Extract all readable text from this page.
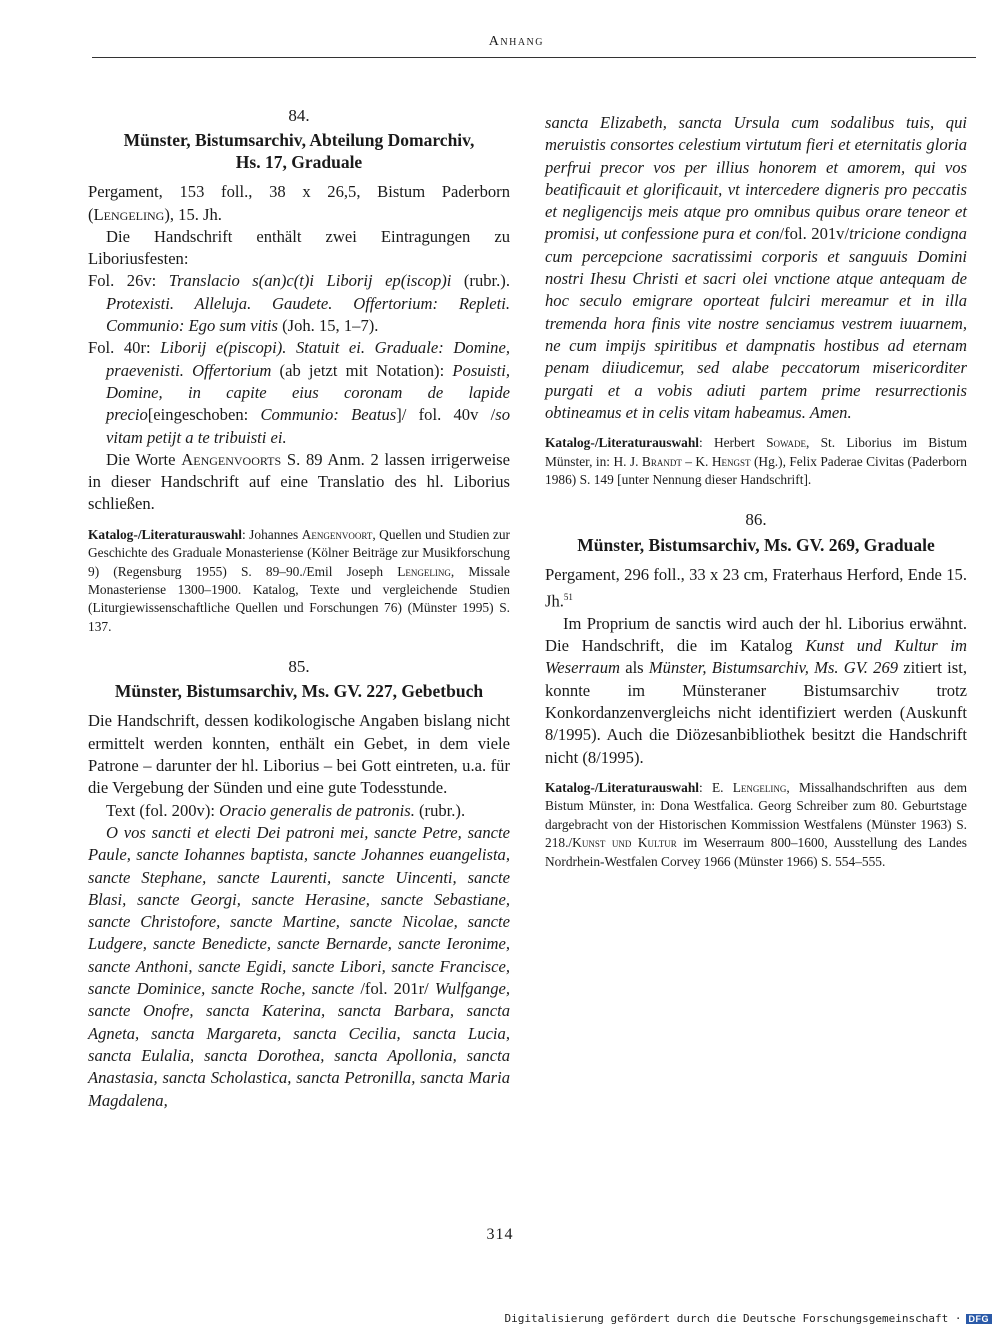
Anhang
84.
Münster, Bistumsarchiv, Abteilung Domarchiv,
Hs. 17, Graduale

Pergament, 153 foll., 38 x 26,5, Bistum Paderborn (Lengeling), 15. Jh.

Die Handschrift enthält zwei Eintragungen zu Liboriusfesten:

Fol. 26v: Translacio s(an)c(t)i Liborij ep(iscop)i (rubr.). Protexisti. Alleluja. Gaudete. Offertorium: Repleti. Communio: Ego sum vitis (Joh. 15, 1–7).

Fol. 40r: Liborij e(piscopi). Statuit ei. Graduale: Domine, praevenisti. Offertorium (ab jetzt mit Notation): Posuisti, Domine, in capite eius coronam de lapide precio[eingeschoben: Communio: Beatus]/ fol. 40v /so vitam petijt a te tribuisti ei.

Die Worte Aengenvoorts S. 89 Anm. 2 lassen irrigerweise in dieser Handschrift auf eine Translatio des hl. Liborius schließen.

Katalog-/Literaturauswahl: Johannes Aengenvoort, Quellen und Studien zur Geschichte des Graduale Monasteriense (Kölner Beiträge zur Musikforschung 9) (Regensburg 1955) S. 89–90./Emil Joseph Lengeling, Missale Monasteriense 1300–1900. Katalog, Texte und vergleichende Studien (Liturgiewissenschaftliche Quellen und Forschungen 76) (Münster 1995) S. 137.

85.
Münster, Bistumsarchiv, Ms. GV. 227, Gebetbuch

Die Handschrift, dessen kodikologische Angaben bislang nicht ermittelt werden konnten, enthält ein Gebet, in dem viele Patrone – darunter der hl. Liborius – bei Gott eintreten, u.a. für die Vergebung der Sünden und eine gute Todesstunde.

Text (fol. 200v): Oracio generalis de patronis. (rubr.).

O vos sancti et electi Dei patroni mei, sancte Petre, sancte Paule, sancte Iohannes baptista, sancte Johannes euangelista, sancte Stephane, sancte Laurenti, sancte Uincenti, sancte Blasi, sancte Georgi, sancte Herasine, sancte Sebastiane, sancte Christofore, sancte Martine, sancte Nicolae, sancte Ludgere, sancte Benedicte, sancte Bernarde, sancte Ieronime, sancte Anthoni, sancte Egidi, sancte Libori, sancte Francisce, sancte Dominice, sancte Roche, sancte /fol. 201r/ Wulfgange, sancte Onofre, sancta Katerina, sancta Barbara, sancta Agneta, sancta Margareta, sancta Cecilia, sancta Lucia, sancta Eulalia, sancta Dorothea, sancta Apollonia, sancta Anastasia, sancta Scholastica, sancta Petronilla, sancta Maria Magdalena,

sancta Elizabeth, sancta Ursula cum sodalibus tuis, qui meruistis consortes celestium virtutum fieri et eternitatis gloria perfrui precor vos per illius honorem et amorem, qui vos beatificauit et glorificauit, vt intercedere digneris pro peccatis et negligencijs meis atque pro omnibus quibus orare teneor et promisi, ut confessione pura et con/fol. 201v/tricione condigna cum percepcione sacratissimi corporis et sanguuis Domini nostri Ihesu Christi et sacri olei vnctione atque antequam de hoc seculo emigrare oporteat fulciri mereamur et in illa tremenda hora finis vite nostre senciamus vestrem iuuarnem, ne cum impijs spiritibus et dampnatis hostibus ad eternam penam diiudicemur, sed alabe peccatorum misericorditer purgati et a vobis adiuti partem prime resurrectionis obtineamus et in celis vitam habeamus. Amen.

Katalog-/Literaturauswahl: Herbert Sowade, St. Liborius im Bistum Münster, in: H. J. Brandt – K. Hengst (Hg.), Felix Paderae Civitas (Paderborn 1986) S. 149 [unter Nennung dieser Handschrift].

86.
Münster, Bistumsarchiv, Ms. GV. 269, Graduale

Pergament, 296 foll., 33 x 23 cm, Fraterhaus Herford, Ende 15. Jh.$^{51}$

Im Proprium de sanctis wird auch der hl. Liborius erwähnt. Die Handschrift, die im Katalog Kunst und Kultur im Weserraum als Münster, Bistumsarchiv, Ms. GV. 269 zitiert ist, konnte im Münsteraner Bistumsarchiv trotz Konkordanzenvergleichs nicht identifiziert werden (Auskunft 8/1995). Auch die Diözesanbibliothek besitzt die Handschrift nicht (8/1995).

Katalog-/Literaturauswahl: E. Lengeling, Missalhandschriften aus dem Bistum Münster, in: Dona Westfalica. Georg Schreiber zum 80. Geburtstage dargebracht von der Historischen Kommission Westfalens (Münster 1963) S. 218./Kunst und Kultur im Weserraum 800–1600, Ausstellung des Landes Nordrhein-Westfalen Corvey 1966 (Münster 1966) S. 554–555.

314
Digitalisierung gefördert durch die Deutsche Forschungsgemeinschaft · DFG
